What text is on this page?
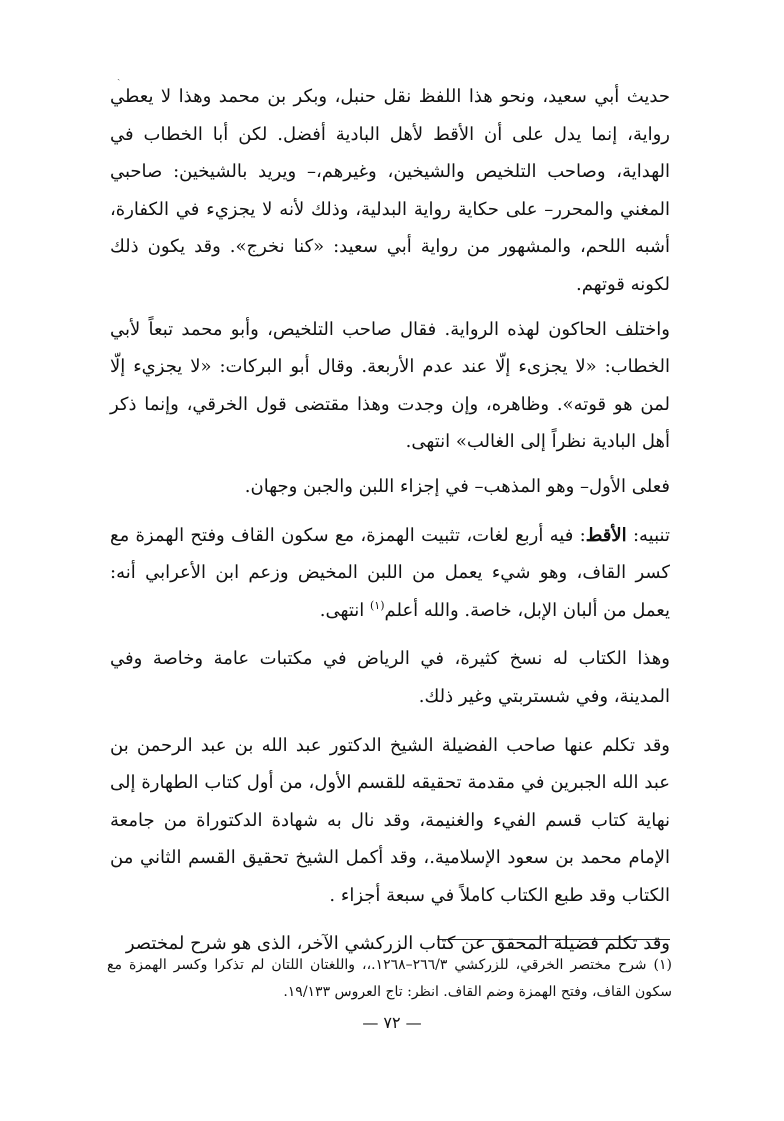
ˎ

حديث أبي سعيد، ونحو هذا اللفظ نقل حنبل، وبكر بن محمد وهذا لا يعطي رواية، إنما يدل على أن الأقط لأهل البادية أفضل. لكن أبا الخطاب في الهداية، وصاحب التلخيص والشيخين، وغيرهم،– ويريد بالشيخين: صاحبي المغني والمحرر– على حكاية رواية البدلية، وذلك لأنه لا يجزيء في الكفارة، أشبه اللحم، والمشهور من رواية أبي سعيد: «كنا نخرج». وقد يكون ذلك لكونه قوتهم.

واختلف الحاكون لهذه الرواية. فقال صاحب التلخيص، وأبو محمد تبعاً لأبي الخطاب: «لا يجزىء إلّا عند عدم الأربعة. وقال أبو البركات: «لا يجزيء إلّا لمن هو قوته». وظاهره، وإن وجدت وهذا مقتضى قول الخرقي، وإنما ذكر أهل البادية نظراً إلى الغالب» انتهى.

فعلى الأول– وهو المذهب– في إجزاء اللبن والجبن وجهان.

تنبيه: الأقط: فيه أربع لغات، تثبيت الهمزة، مع سكون القاف وفتح الهمزة مع كسر القاف، وهو شيء يعمل من اللبن المخيض وزعم ابن الأعرابي أنه: يعمل من ألبان الإبل، خاصة. والله أعلم$^{(١)}$ انتهى.

وهذا الكتاب له نسخ كثيرة، في الرياض في مكتبات عامة وخاصة وفي المدينة، وفي شستربتي وغير ذلك.

وقد تكلم عنها صاحب الفضيلة الشيخ الدكتور عبد الله بن عبد الرحمن بن عبد الله الجبرين في مقدمة تحقيقه للقسم الأول، من أول كتاب الطهارة إلى نهاية كتاب قسم الفيء والغنيمة، وقد نال به شهادة الدكتوراة من جامعة الإمام محمد بن سعود الإسلامية.، وقد أكمل الشيخ تحقيق القسم الثاني من الكتاب وقد طبع الكتاب كاملاً في سبعة أجزاء .

وقد تكلم فضيلة المحقق عن كتاب الزركشي الآخر، الذى هو شرح لمختصر

(١) شرح مختصر الخرقي، للزركشي ٢٦٦/٣–١٢٦٨.،، واللغتان اللتان لم تذكرا وكسر الهمزة مع سكون القاف، وفتح الهمزة وضم القاف. انظر: تاج العروس ١٩/١٣٣.
— ٧٢ —
